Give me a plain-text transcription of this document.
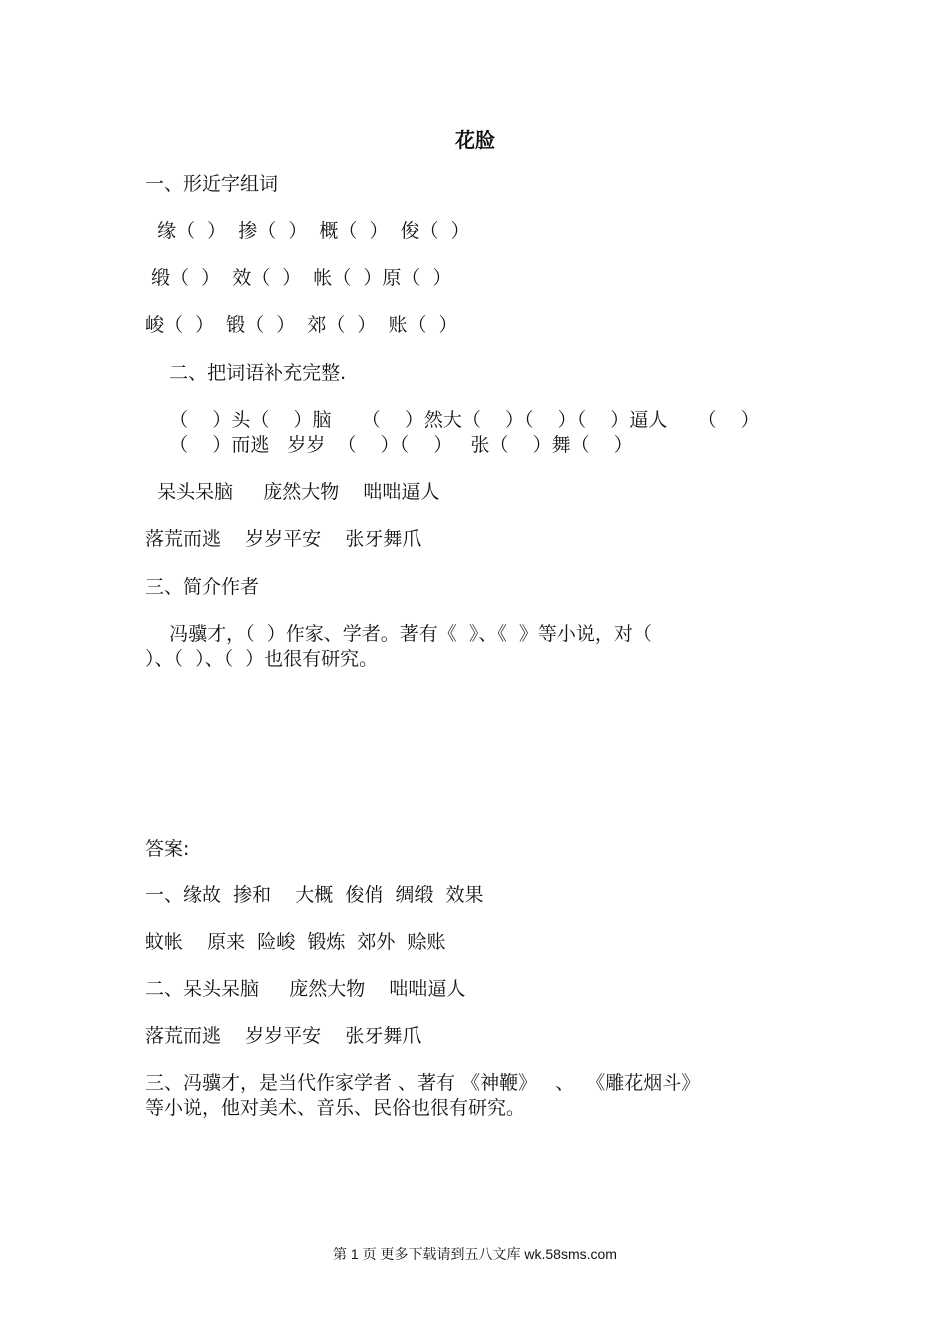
花脸
一、形近字组词
缘（  ）  掺（  ）  概（  ）  俊（  ）
缎（  ）  效（  ）  帐（  ）原（  ）
峻（  ）  锻（  ）  郊（  ）  账（  ）
二、把词语补充完整.
（    ）头（    ）脑     （    ）然大（    ）（    ）（    ）逼人     （    ）
（    ）而逃   岁岁  （    ）（    ）   张（    ）舞（    ）
呆头呆脑     庞然大物    咄咄逼人
落荒而逃    岁岁平安    张牙舞爪
三、简介作者
冯骥才，（  ）作家、学者。著有《  》、《  》等小说，对（
）、（  ）、（  ）也很有研究。
答案:
一、缘故  掺和    大概  俊俏  绸缎  效果
蚊帐    原来  险峻  锻炼  郊外  赊账
二、呆头呆脑     庞然大物    咄咄逼人
落荒而逃    岁岁平安    张牙舞爪
三、冯骥才，是当代作家学者 、著有 《神鞭》   、  《雕花烟斗》
等小说，他对美术、音乐、民俗也很有研究。
第 1 页 更多下载请到五八文库 wk.58sms.com
